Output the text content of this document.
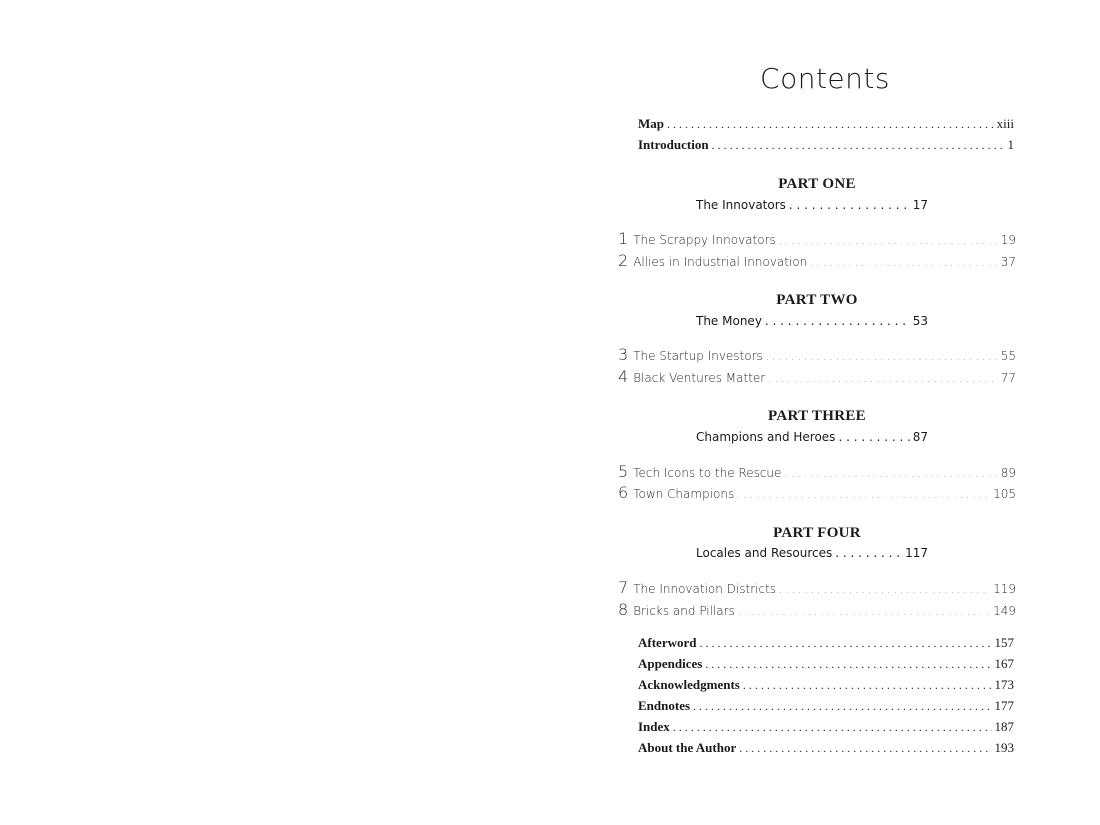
Contents
Map . . .	xiii
Introduction . . .	1
PART ONE
The Innovators . . .	17
1 The Scrappy Innovators . . .	19
2 Allies in Industrial Innovation . . .	37
PART TWO
The Money . . .	53
3 The Startup Investors . . .	55
4 Black Ventures Matter . . .	77
PART THREE
Champions and Heroes . . .	87
5 Tech Icons to the Rescue . . .	89
6 Town Champions . . .	105
PART FOUR
Locales and Resources . . .	117
7 The Innovation Districts . . .	119
8 Bricks and Pillars . . .	149
Afterword . . .	157
Appendices . . .	167
Acknowledgments . . .	173
Endnotes . . .	177
Index . . .	187
About the Author . . .	193
